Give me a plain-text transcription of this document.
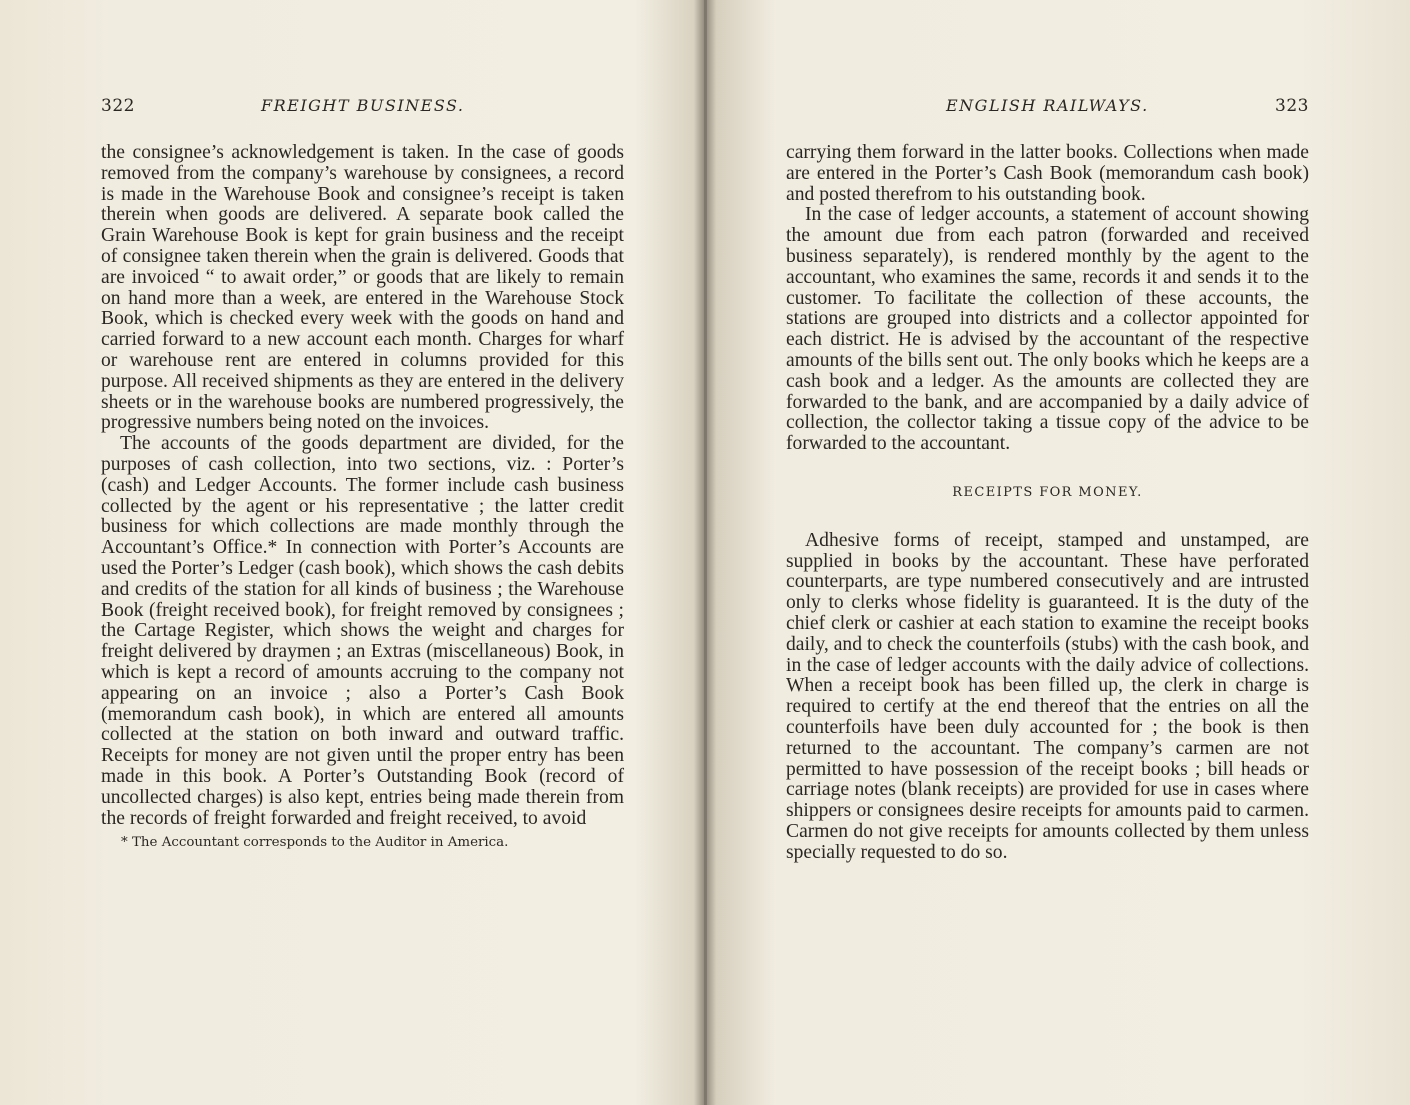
322	FREIGHT BUSINESS.

the consignee’s acknowledgement is taken. In the case of goods removed from the company’s warehouse by consignees, a record is made in the Warehouse Book and consignee’s receipt is taken therein when goods are delivered. A separate book called the Grain Warehouse Book is kept for grain business and the receipt of consignee taken therein when the grain is delivered. Goods that are invoiced “ to await order,” or goods that are likely to remain on hand more than a week, are entered in the Warehouse Stock Book, which is checked every week with the goods on hand and carried forward to a new account each month. Charges for wharf or warehouse rent are entered in columns provided for this purpose. All received shipments as they are entered in the delivery sheets or in the warehouse books are numbered progressively, the progressive numbers being noted on the invoices.

The accounts of the goods department are divided, for the purposes of cash collection, into two sections, viz. : Porter’s (cash) and Ledger Accounts. The former include cash business collected by the agent or his representative ; the latter credit business for which collections are made monthly through the Accountant’s Office.* In connection with Porter’s Accounts are used the Porter’s Ledger (cash book), which shows the cash debits and credits of the station for all kinds of business ; the Warehouse Book (freight received book), for freight removed by consignees ; the Cartage Register, which shows the weight and charges for freight delivered by draymen ; an Extras (miscellaneous) Book, in which is kept a record of amounts accruing to the company not appearing on an invoice ; also a Porter’s Cash Book (memorandum cash book), in which are entered all amounts collected at the station on both inward and outward traffic. Receipts for money are not given until the proper entry has been made in this book. A Porter’s Outstanding Book (record of uncollected charges) is also kept, entries being made therein from the records of freight forwarded and freight received, to avoid

* The Accountant corresponds to the Auditor in America.
ENGLISH RAILWAYS.	323

carrying them forward in the latter books. Collections when made are entered in the Porter’s Cash Book (memorandum cash book) and posted therefrom to his outstanding book.

In the case of ledger accounts, a statement of account showing the amount due from each patron (forwarded and received business separately), is rendered monthly by the agent to the accountant, who examines the same, records it and sends it to the customer. To facilitate the collection of these accounts, the stations are grouped into districts and a collector appointed for each district. He is advised by the accountant of the respective amounts of the bills sent out. The only books which he keeps are a cash book and a ledger. As the amounts are collected they are forwarded to the bank, and are accompanied by a daily advice of collection, the collector taking a tissue copy of the advice to be forwarded to the accountant.

RECEIPTS FOR MONEY.

Adhesive forms of receipt, stamped and unstamped, are supplied in books by the accountant. These have perforated counterparts, are type numbered consecutively and are intrusted only to clerks whose fidelity is guaranteed. It is the duty of the chief clerk or cashier at each station to examine the receipt books daily, and to check the counterfoils (stubs) with the cash book, and in the case of ledger accounts with the daily advice of collections. When a receipt book has been filled up, the clerk in charge is required to certify at the end thereof that the entries on all the counterfoils have been duly accounted for ; the book is then returned to the accountant. The company’s carmen are not permitted to have possession of the receipt books ; bill heads or carriage notes (blank receipts) are provided for use in cases where shippers or consignees desire receipts for amounts paid to carmen. Carmen do not give receipts for amounts collected by them unless specially requested to do so.
